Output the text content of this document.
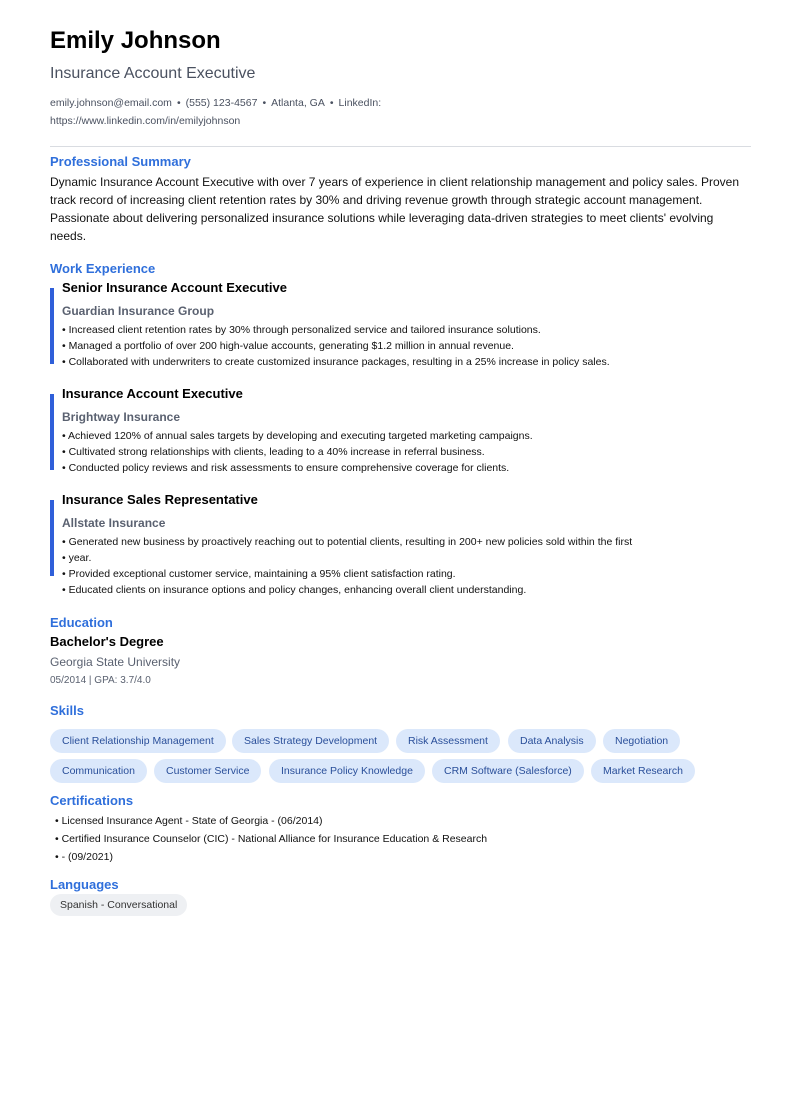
Emily Johnson
Insurance Account Executive
emily.johnson@email.com • (555) 123-4567 • Atlanta, GA • LinkedIn:
https://www.linkedin.com/in/emilyjohnson
Professional Summary
Dynamic Insurance Account Executive with over 7 years of experience in client relationship management and policy sales. Proven track record of increasing client retention rates by 30% and driving revenue growth through strategic account management. Passionate about delivering personalized insurance solutions while leveraging data-driven strategies to meet clients' evolving needs.
Work Experience
Senior Insurance Account Executive
Guardian Insurance Group
• Increased client retention rates by 30% through personalized service and tailored insurance solutions.
• Managed a portfolio of over 200 high-value accounts, generating $1.2 million in annual revenue.
• Collaborated with underwriters to create customized insurance packages, resulting in a 25% increase in policy sales.
Insurance Account Executive
Brightway Insurance
• Achieved 120% of annual sales targets by developing and executing targeted marketing campaigns.
• Cultivated strong relationships with clients, leading to a 40% increase in referral business.
• Conducted policy reviews and risk assessments to ensure comprehensive coverage for clients.
Insurance Sales Representative
Allstate Insurance
• Generated new business by proactively reaching out to potential clients, resulting in 200+ new policies sold within the first
• year.
• Provided exceptional customer service, maintaining a 95% client satisfaction rating.
• Educated clients on insurance options and policy changes, enhancing overall client understanding.
Education
Bachelor's Degree
Georgia State University
05/2014 | GPA: 3.7/4.0
Skills
Client Relationship Management	Sales Strategy Development	Risk Assessment	Data Analysis	Negotiation
Communication	Customer Service	Insurance Policy Knowledge	CRM Software (Salesforce)	Market Research
Certifications
• Licensed Insurance Agent - State of Georgia - (06/2014)
• Certified Insurance Counselor (CIC) - National Alliance for Insurance Education & Research
• - (09/2021)
Languages
Spanish - Conversational
